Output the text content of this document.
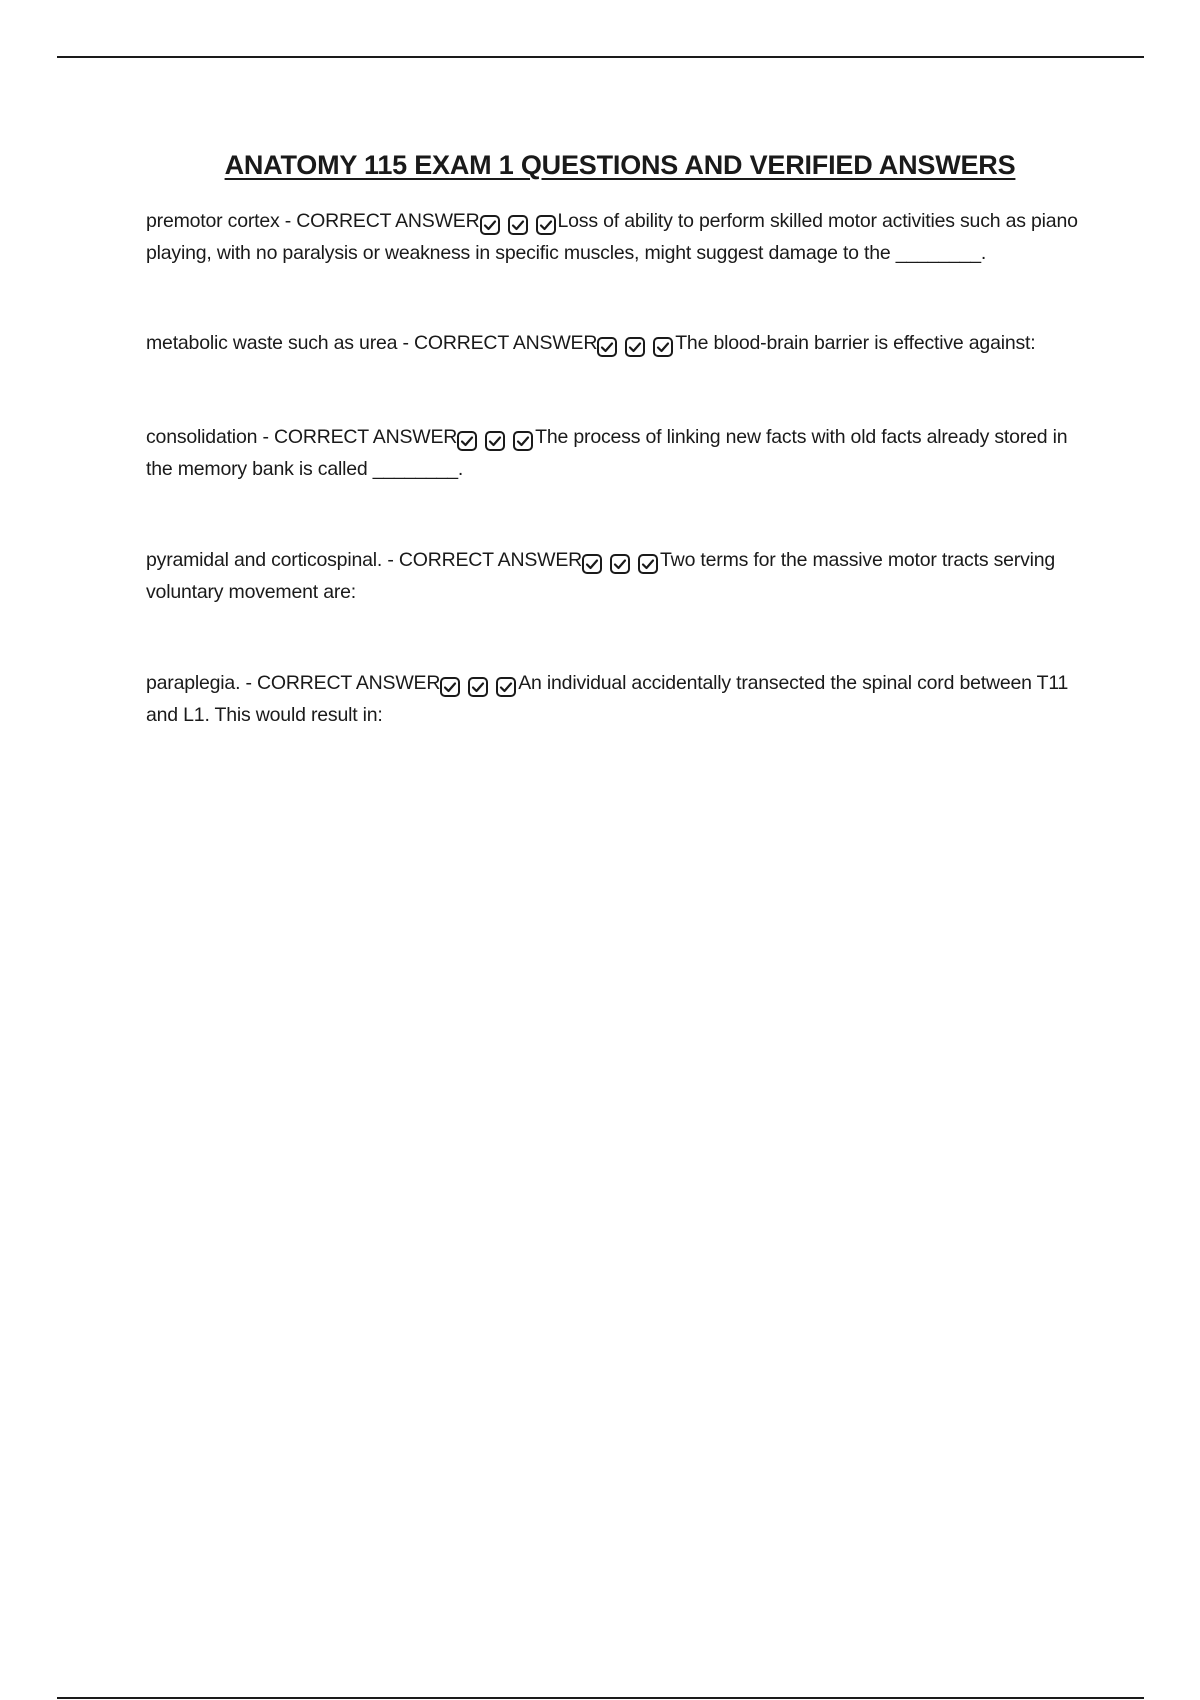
ANATOMY 115 EXAM 1 QUESTIONS AND VERIFIED ANSWERS

premotor cortex - CORRECT ANSWER	Loss of ability to perform skilled motor activities such as piano playing, with no paralysis or weakness in specific muscles, might suggest damage to the ________.

metabolic waste such as urea - CORRECT ANSWER	The blood-brain barrier is effective against:

consolidation - CORRECT ANSWER	The process of linking new facts with old facts already stored in the memory bank is called ________.

pyramidal and corticospinal. - CORRECT ANSWER	Two terms for the massive motor tracts serving voluntary movement are:

paraplegia. - CORRECT ANSWER	An individual accidentally transected the spinal cord between T11 and L1. This would result in:
